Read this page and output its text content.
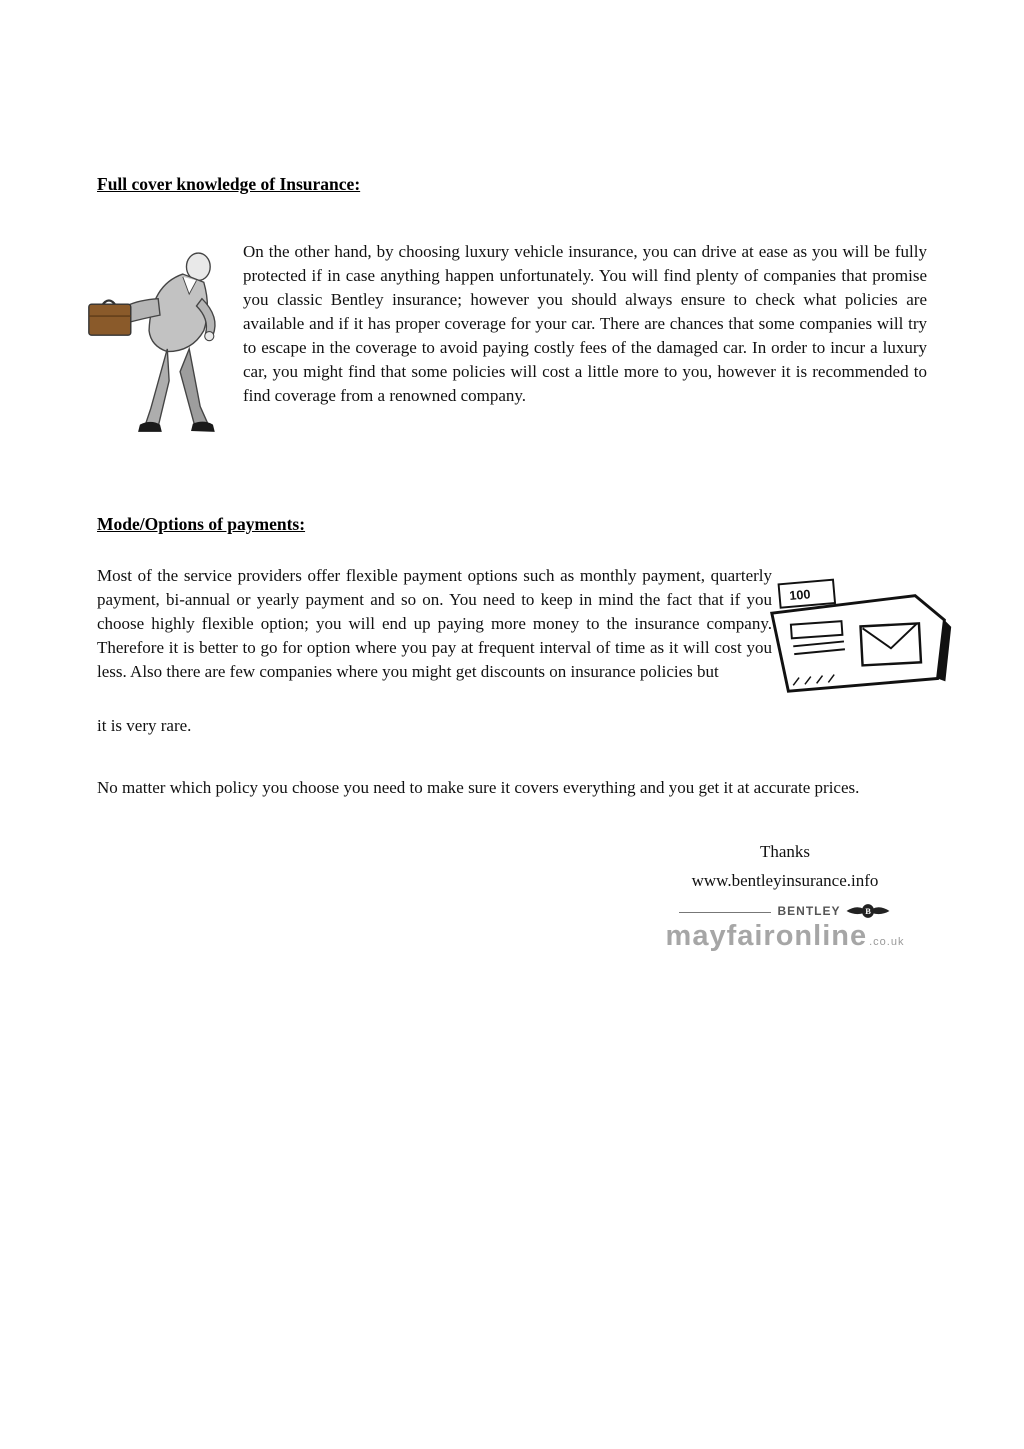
Full cover knowledge of Insurance:

On the other hand, by choosing luxury vehicle insurance, you can drive at ease as you will be fully protected if in case anything happen unfortunately. You will find plenty of companies that promise you classic Bentley insurance; however you should always ensure to check what policies are available and if it has proper coverage for your car. There are chances that some companies will try to escape in the coverage to avoid paying costly fees of the damaged car. In order to incur a luxury car, you might find that some policies will cost a little more to you, however it is recommended to find coverage from a renowned company.

Mode/Options of payments:
100

Most of the service providers offer flexible payment options such as monthly payment, quarterly payment, bi-annual or yearly payment and so on. You need to keep in mind the fact that if you choose highly flexible option; you will end up paying more money to the insurance company. Therefore it is better to go for option where you pay at frequent interval of time as it will cost you less. Also there are few companies where you might get discounts on insurance policies but

it is very rare.

No matter which policy you choose you need to make sure it covers everything and you get it at accurate prices.

Thanks

www.bentleyinsurance.info

BENTLEY B
mayfaironline .co.uk
